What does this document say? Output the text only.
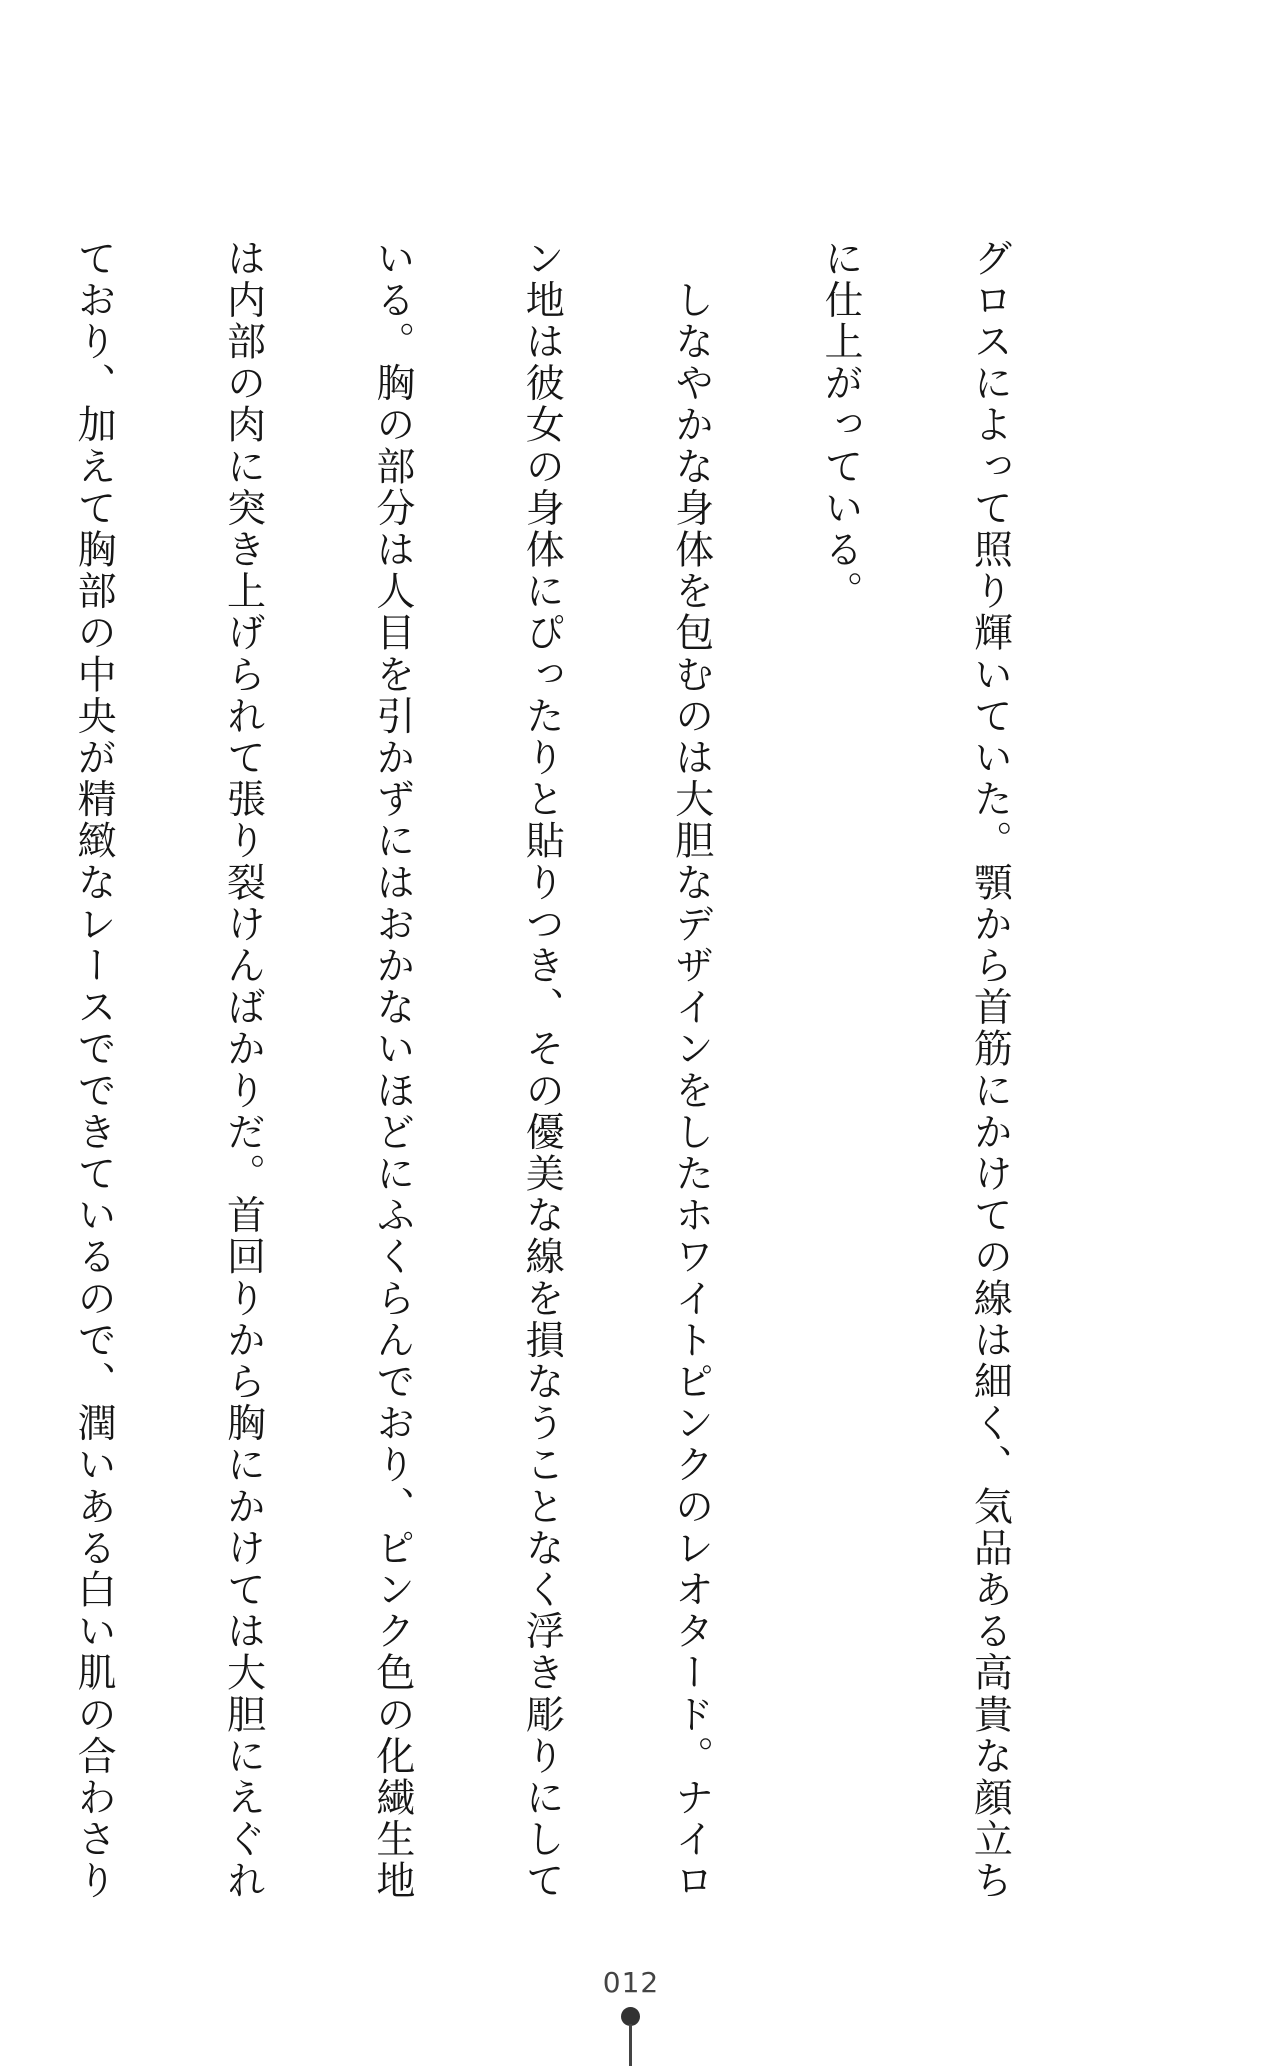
グロスによって照り輝いていた。顎から首筋にかけての線は細く、気品ある高貴な顔立ち

に仕上がっている。

　しなやかな身体を包むのは大胆なデザインをしたホワイトピンクのレオタード。ナイロ

ン地は彼女の身体にぴったりと貼りつき、その優美な線を損なうことなく浮き彫りにして

いる。胸の部分は人目を引かずにはおかないほどにふくらんでおり、ピンク色の化繊生地

は内部の肉に突き上げられて張り裂けんばかりだ。首回りから胸にかけては大胆にえぐれ

ており、加えて胸部の中央が精緻なレースでできているので、潤いある白い肌の合わさり

012
